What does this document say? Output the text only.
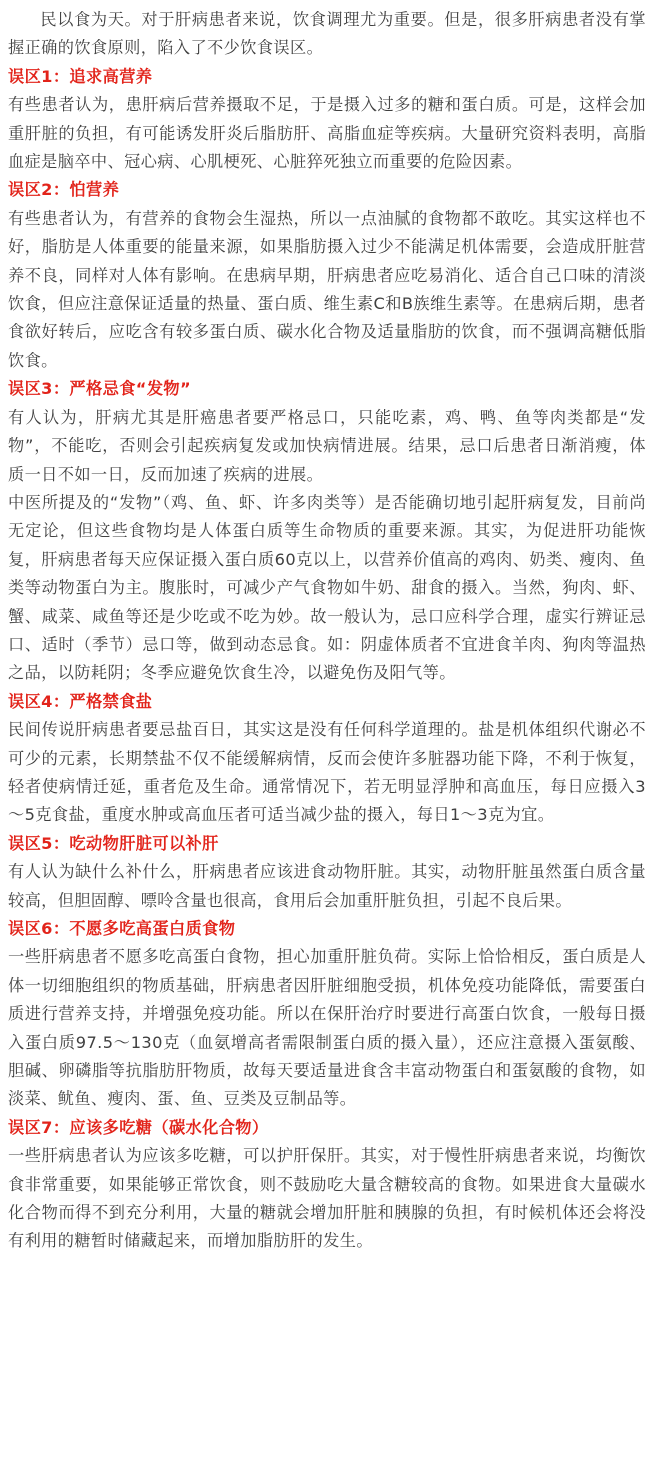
民以食为天。对于肝病患者来说，饮食调理尤为重要。但是，很多肝病患者没有掌握正确的饮食原则，陷入了不少饮食误区。

误区1：追求高营养

有些患者认为，患肝病后营养摄取不足，于是摄入过多的糖和蛋白质。可是，这样会加重肝脏的负担，有可能诱发肝炎后脂肪肝、高脂血症等疾病。大量研究资料表明，高脂血症是脑卒中、冠心病、心肌梗死、心脏猝死独立而重要的危险因素。

误区2：怕营养

有些患者认为，有营养的食物会生湿热，所以一点油腻的食物都不敢吃。其实这样也不好，脂肪是人体重要的能量来源，如果脂肪摄入过少不能满足机体需要，会造成肝脏营养不良，同样对人体有影响。在患病早期，肝病患者应吃易消化、适合自己口味的清淡饮食，但应注意保证适量的热量、蛋白质、维生素C和B族维生素等。在患病后期，患者食欲好转后，应吃含有较多蛋白质、碳水化合物及适量脂肪的饮食，而不强调高糖低脂饮食。

误区3：严格忌食“发物”

有人认为，肝病尤其是肝癌患者要严格忌口，只能吃素，鸡、鸭、鱼等肉类都是“发物”，不能吃，否则会引起疾病复发或加快病情进展。结果，忌口后患者日渐消瘦，体质一日不如一日，反而加速了疾病的进展。

中医所提及的“发物”（鸡、鱼、虾、许多肉类等）是否能确切地引起肝病复发，目前尚无定论，但这些食物均是人体蛋白质等生命物质的重要来源。其实，为促进肝功能恢复，肝病患者每天应保证摄入蛋白质60克以上，以营养价值高的鸡肉、奶类、瘦肉、鱼类等动物蛋白为主。腹胀时，可减少产气食物如牛奶、甜食的摄入。当然，狗肉、虾、蟹、咸菜、咸鱼等还是少吃或不吃为妙。故一般认为，忌口应科学合理，虚实行辨证忌口、适时（季节）忌口等，做到动态忌食。如：阴虚体质者不宜进食羊肉、狗肉等温热之品，以防耗阴；冬季应避免饮食生冷，以避免伤及阳气等。

误区4：严格禁食盐

民间传说肝病患者要忌盐百日，其实这是没有任何科学道理的。盐是机体组织代谢必不可少的元素，长期禁盐不仅不能缓解病情，反而会使许多脏器功能下降，不利于恢复，轻者使病情迁延，重者危及生命。通常情况下，若无明显浮肿和高血压，每日应摄入3～5克食盐，重度水肿或高血压者可适当减少盐的摄入，每日1～3克为宜。

误区5：吃动物肝脏可以补肝

有人认为缺什么补什么，肝病患者应该进食动物肝脏。其实，动物肝脏虽然蛋白质含量较高，但胆固醇、嘌呤含量也很高，食用后会加重肝脏负担，引起不良后果。

误区6：不愿多吃高蛋白质食物

一些肝病患者不愿多吃高蛋白食物，担心加重肝脏负荷。实际上恰恰相反，蛋白质是人体一切细胞组织的物质基础，肝病患者因肝脏细胞受损，机体免疫功能降低，需要蛋白质进行营养支持，并增强免疫功能。所以在保肝治疗时要进行高蛋白饮食，一般每日摄入蛋白质97.5～130克（血氨增高者需限制蛋白质的摄入量），还应注意摄入蛋氨酸、胆碱、卵磷脂等抗脂肪肝物质，故每天要适量进食含丰富动物蛋白和蛋氨酸的食物，如淡菜、鱿鱼、瘦肉、蛋、鱼、豆类及豆制品等。

误区7：应该多吃糖（碳水化合物）

一些肝病患者认为应该多吃糖，可以护肝保肝。其实，对于慢性肝病患者来说，均衡饮食非常重要，如果能够正常饮食，则不鼓励吃大量含糖较高的食物。如果进食大量碳水化合物而得不到充分利用，大量的糖就会增加肝脏和胰腺的负担，有时候机体还会将没有利用的糖暂时储藏起来，而增加脂肪肝的发生。
